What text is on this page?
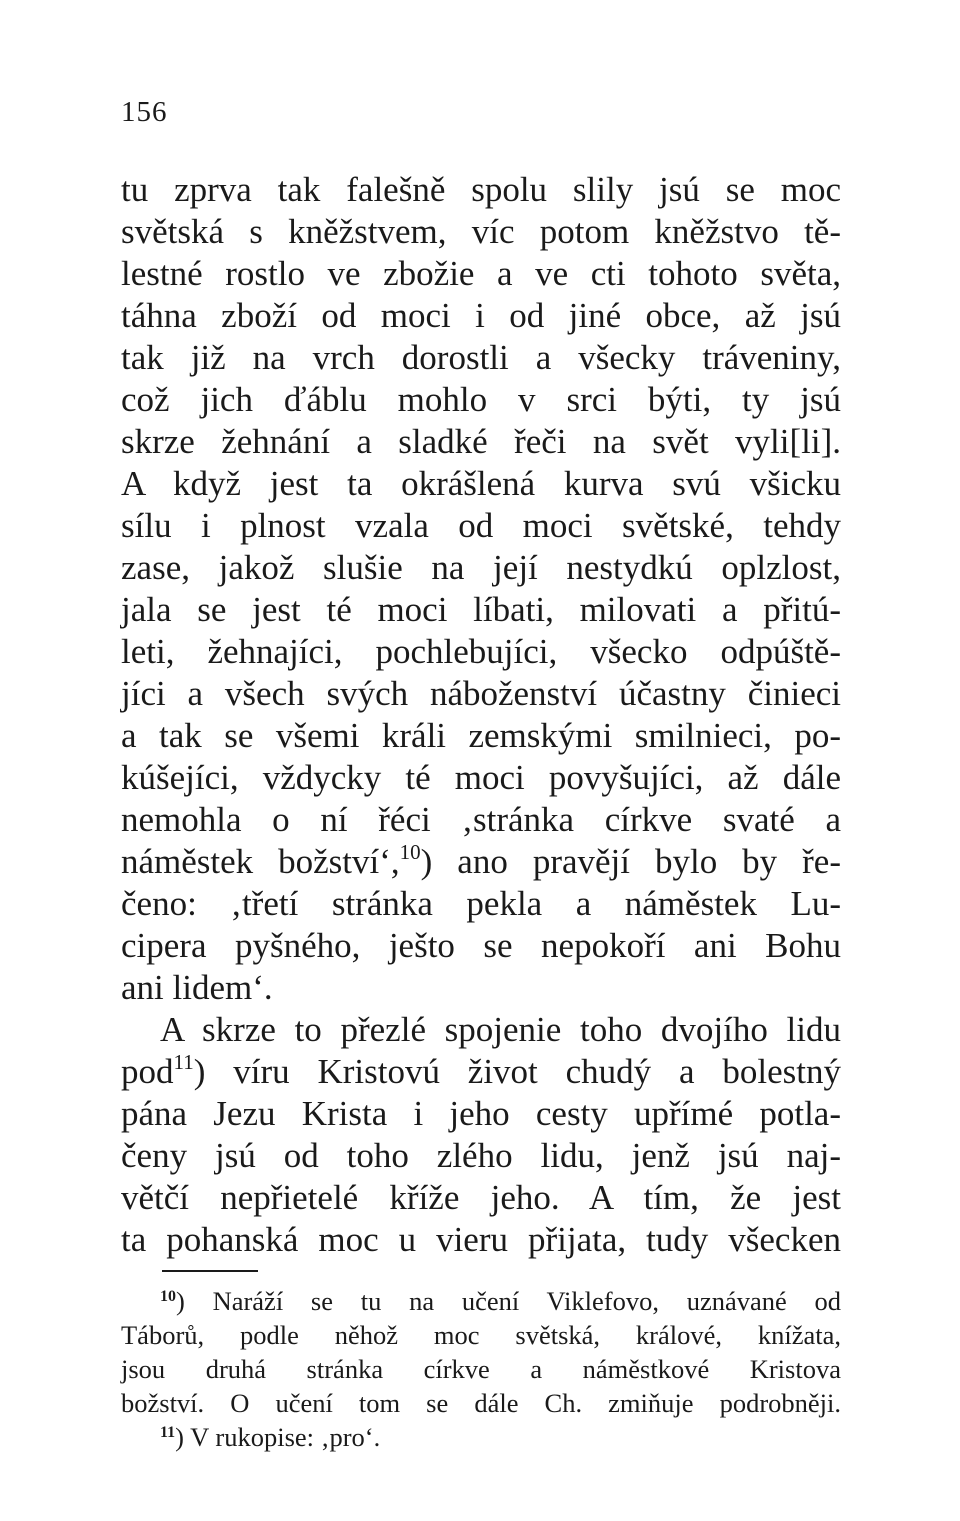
156
tu zprva tak falešně spolu slily jsú se moc
světská s kněžstvem, víc potom kněžstvo tě-
lestné rostlo ve zbožie a ve cti tohoto světa,
táhna zboží od moci i od jiné obce, až jsú
tak již na vrch dorostli a všecky tráveniny,
což jich ďáblu mohlo v srci býti, ty jsú
skrze žehnání a sladké řeči na svět vyli[li].
A když jest ta okrášlená kurva svú všicku
sílu i plnost vzala od moci světské, tehdy
zase, jakož slušie na její nestydkú oplzlost,
jala se jest té moci líbati, milovati a přitú-
leti, žehnajíci, pochlebujíci, všecko odpúště-
jíci a všech svých náboženství účastny činieci
a tak se všemi králi zemskými smilnieci, po-
kúšejíci, vždycky té moci povyšujíci, až dále
nemohla o ní řéci ‚stránka církve svaté a
náměstek božství‘,$^{10}$) ano pravějí bylo by ře-
čeno: ‚třetí stránka pekla a náměstek Lu-
cipera pyšného, ješto se nepokoří ani Bohu
ani lidem‘.
A skrze to přezlé spojenie toho dvojího lidu
pod$^{11}$) víru Kristovú život chudý a bolestný
pána Jezu Krista i jeho cesty upřímé potla-
čeny jsú od toho zlého lidu, jenž jsú naj-
větčí nepřietelé kříže jeho. A tím, že jest
ta pohanská moc u vieru přijata, tudy všecken
$^{10}$) Naráží se tu na učení Viklefovo, uznávané od
Táborů, podle něhož moc světská, králové, knížata,
jsou druhá stránka církve a náměstkové Kristova
božství. O učení tom se dále Ch. zmiňuje podrobněji.
$^{11}$) V rukopise: ‚pro‘.
